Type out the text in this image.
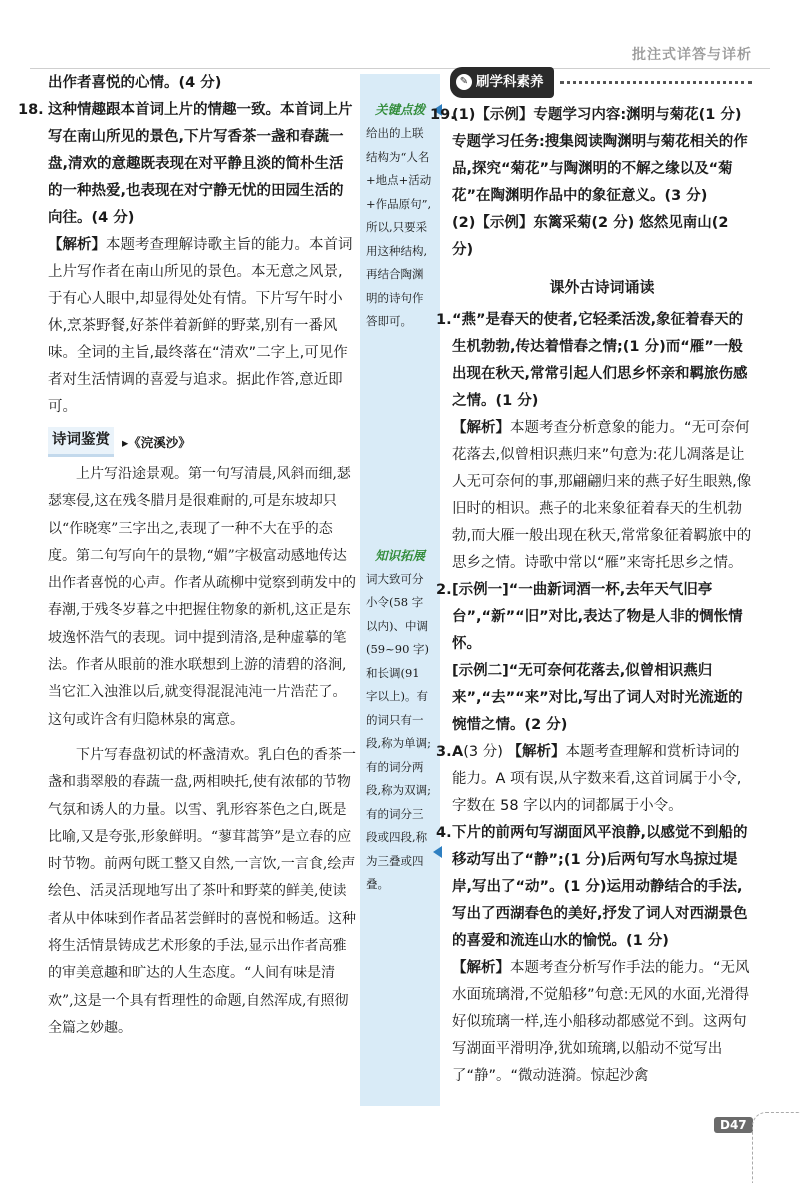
批注式详答与详析

出作者喜悦的心情。(4 分)

18. 这种情趣跟本首词上片的情趣一致。本首词上片写在南山所见的景色,下片写香茶一盏和春蔬一盘,清欢的意趣既表现在对平静且淡的简朴生活的一种热爱,也表现在对宁静无忧的田园生活的向往。(4 分)

【解析】本题考查理解诗歌主旨的能力。本首词上片写作者在南山所见的景色。本无意之风景,于有心人眼中,却显得处处有情。下片写午时小休,烹茶野餐,好茶伴着新鲜的野菜,别有一番风味。全词的主旨,最终落在“清欢”二字上,可见作者对生活情调的喜爱与追求。据此作答,意近即可。

诗词鉴赏 ▸《浣溪沙》

上片写沿途景观。第一句写清晨,风斜而细,瑟瑟寒侵,这在残冬腊月是很难耐的,可是东坡却只以“作晓寒”三字出之,表现了一种不大在乎的态度。第二句写向午的景物,“媚”字极富动感地传达出作者喜悦的心声。作者从疏柳中觉察到萌发中的春潮,于残冬岁暮之中把握住物象的新机,这正是东坡逸怀浩气的表现。词中提到清洛,是种虚摹的笔法。作者从眼前的淮水联想到上游的清碧的洛涧,当它汇入浊淮以后,就变得混混沌沌一片浩茫了。这句或许含有归隐林泉的寓意。

下片写春盘初试的杯盏清欢。乳白色的香茶一盏和翡翠般的春蔬一盘,两相映托,使有浓郁的节物气氛和诱人的力量。以雪、乳形容茶色之白,既是比喻,又是夸张,形象鲜明。“蓼茸蒿笋”是立春的应时节物。前两句既工整又自然,一言饮,一言食,绘声绘色、活灵活现地写出了茶叶和野菜的鲜美,使读者从中体味到作者品茗尝鲜时的喜悦和畅适。这种将生活情景铸成艺术形象的手法,显示出作者高雅的审美意趣和旷达的人生态度。“人间有味是清欢”,这是一个具有哲理性的命题,自然浑成,有照彻全篇之妙趣。

关键点拨
给出的上联结构为“人名+地点+活动+作品原句”,所以,只要采用这种结构,再结合陶渊明的诗句作答即可。
知识拓展
词大致可分小令(58 字以内)、中调(59~90 字)和长调(91 字以上)。有的词只有一段,称为单调;有的词分两段,称为双调;有的词分三段或四段,称为三叠或四叠。
✎ 刷学科素养

19.
(1)【示例】专题学习内容:渊明与菊花(1 分)

专题学习任务:搜集阅读陶渊明与菊花相关的作品,探究“菊花”与陶渊明的不解之缘以及“菊花”在陶渊明作品中的象征意义。(3 分)

(2)【示例】东篱采菊(2 分) 悠然见南山(2 分)

课外古诗词诵读

1. “燕”是春天的使者,它轻柔活泼,象征着春天的生机勃勃,传达着惜春之情;(1 分)而“雁”一般出现在秋天,常常引起人们思乡怀亲和羁旅伤感之情。(1 分)

【解析】本题考查分析意象的能力。“无可奈何花落去,似曾相识燕归来”句意为:花儿凋落是让人无可奈何的事,那翩翩归来的燕子好生眼熟,像旧时的相识。燕子的北来象征着春天的生机勃勃,而大雁一般出现在秋天,常常象征着羁旅中的思乡之情。诗歌中常以“雁”来寄托思乡之情。

2. [示例一]“一曲新词酒一杯,去年天气旧亭台”,“新”“旧”对比,表达了物是人非的惆怅情怀。

[示例二]“无可奈何花落去,似曾相识燕归来”,“去”“来”对比,写出了词人对时光流逝的惋惜之情。(2 分)

3. A(3 分) 【解析】本题考查理解和赏析诗词的能力。A 项有误,从字数来看,这首词属于小令,字数在 58 字以内的词都属于小令。

4. 下片的前两句写湖面风平浪静,以感觉不到船的移动写出了“静”;(1 分)后两句写水鸟掠过堤岸,写出了“动”。(1 分)运用动静结合的手法,写出了西湖春色的美好,抒发了词人对西湖景色的喜爱和流连山水的愉悦。(1 分)

【解析】本题考查分析写作手法的能力。“无风水面琉璃滑,不觉船移”句意:无风的水面,光滑得好似琉璃一样,连小船移动都感觉不到。这两句写湖面平滑明净,犹如琉璃,以船动不觉写出了“静”。“微动涟漪。惊起沙禽

D47
